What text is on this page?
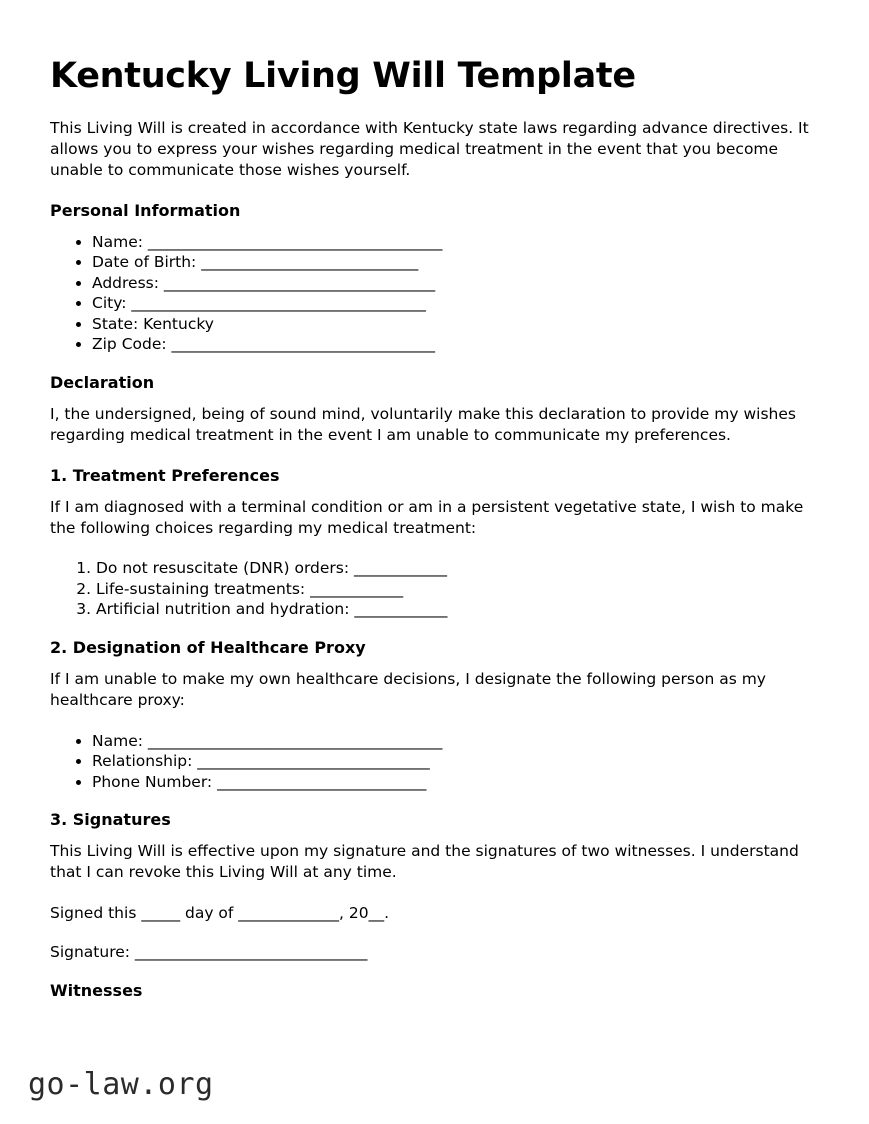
Kentucky Living Will Template

This Living Will is created in accordance with Kentucky state laws regarding advance directives. It allows you to express your wishes regarding medical treatment in the event that you become unable to communicate those wishes yourself.

Personal Information
• Name: ______________________________________
• Date of Birth: ____________________________
• Address: ___________________________________
• City: ______________________________________
• State: Kentucky
• Zip Code: __________________________________
Declaration

I, the undersigned, being of sound mind, voluntarily make this declaration to provide my wishes regarding medical treatment in the event I am unable to communicate my preferences.

1. Treatment Preferences

If I am diagnosed with a terminal condition or am in a persistent vegetative state, I wish to make the following choices regarding my medical treatment:

1. Do not resuscitate (DNR) orders: ____________
2. Life-sustaining treatments: ____________
3. Artificial nutrition and hydration: ____________
2. Designation of Healthcare Proxy

If I am unable to make my own healthcare decisions, I designate the following person as my healthcare proxy:

• Name: ______________________________________
• Relationship: ______________________________
• Phone Number: ___________________________
3. Signatures

This Living Will is effective upon my signature and the signatures of two witnesses. I understand that I can revoke this Living Will at any time.

Signed this _____ day of _____________, 20__.

Signature: ______________________________

Witnesses
go-law.org
